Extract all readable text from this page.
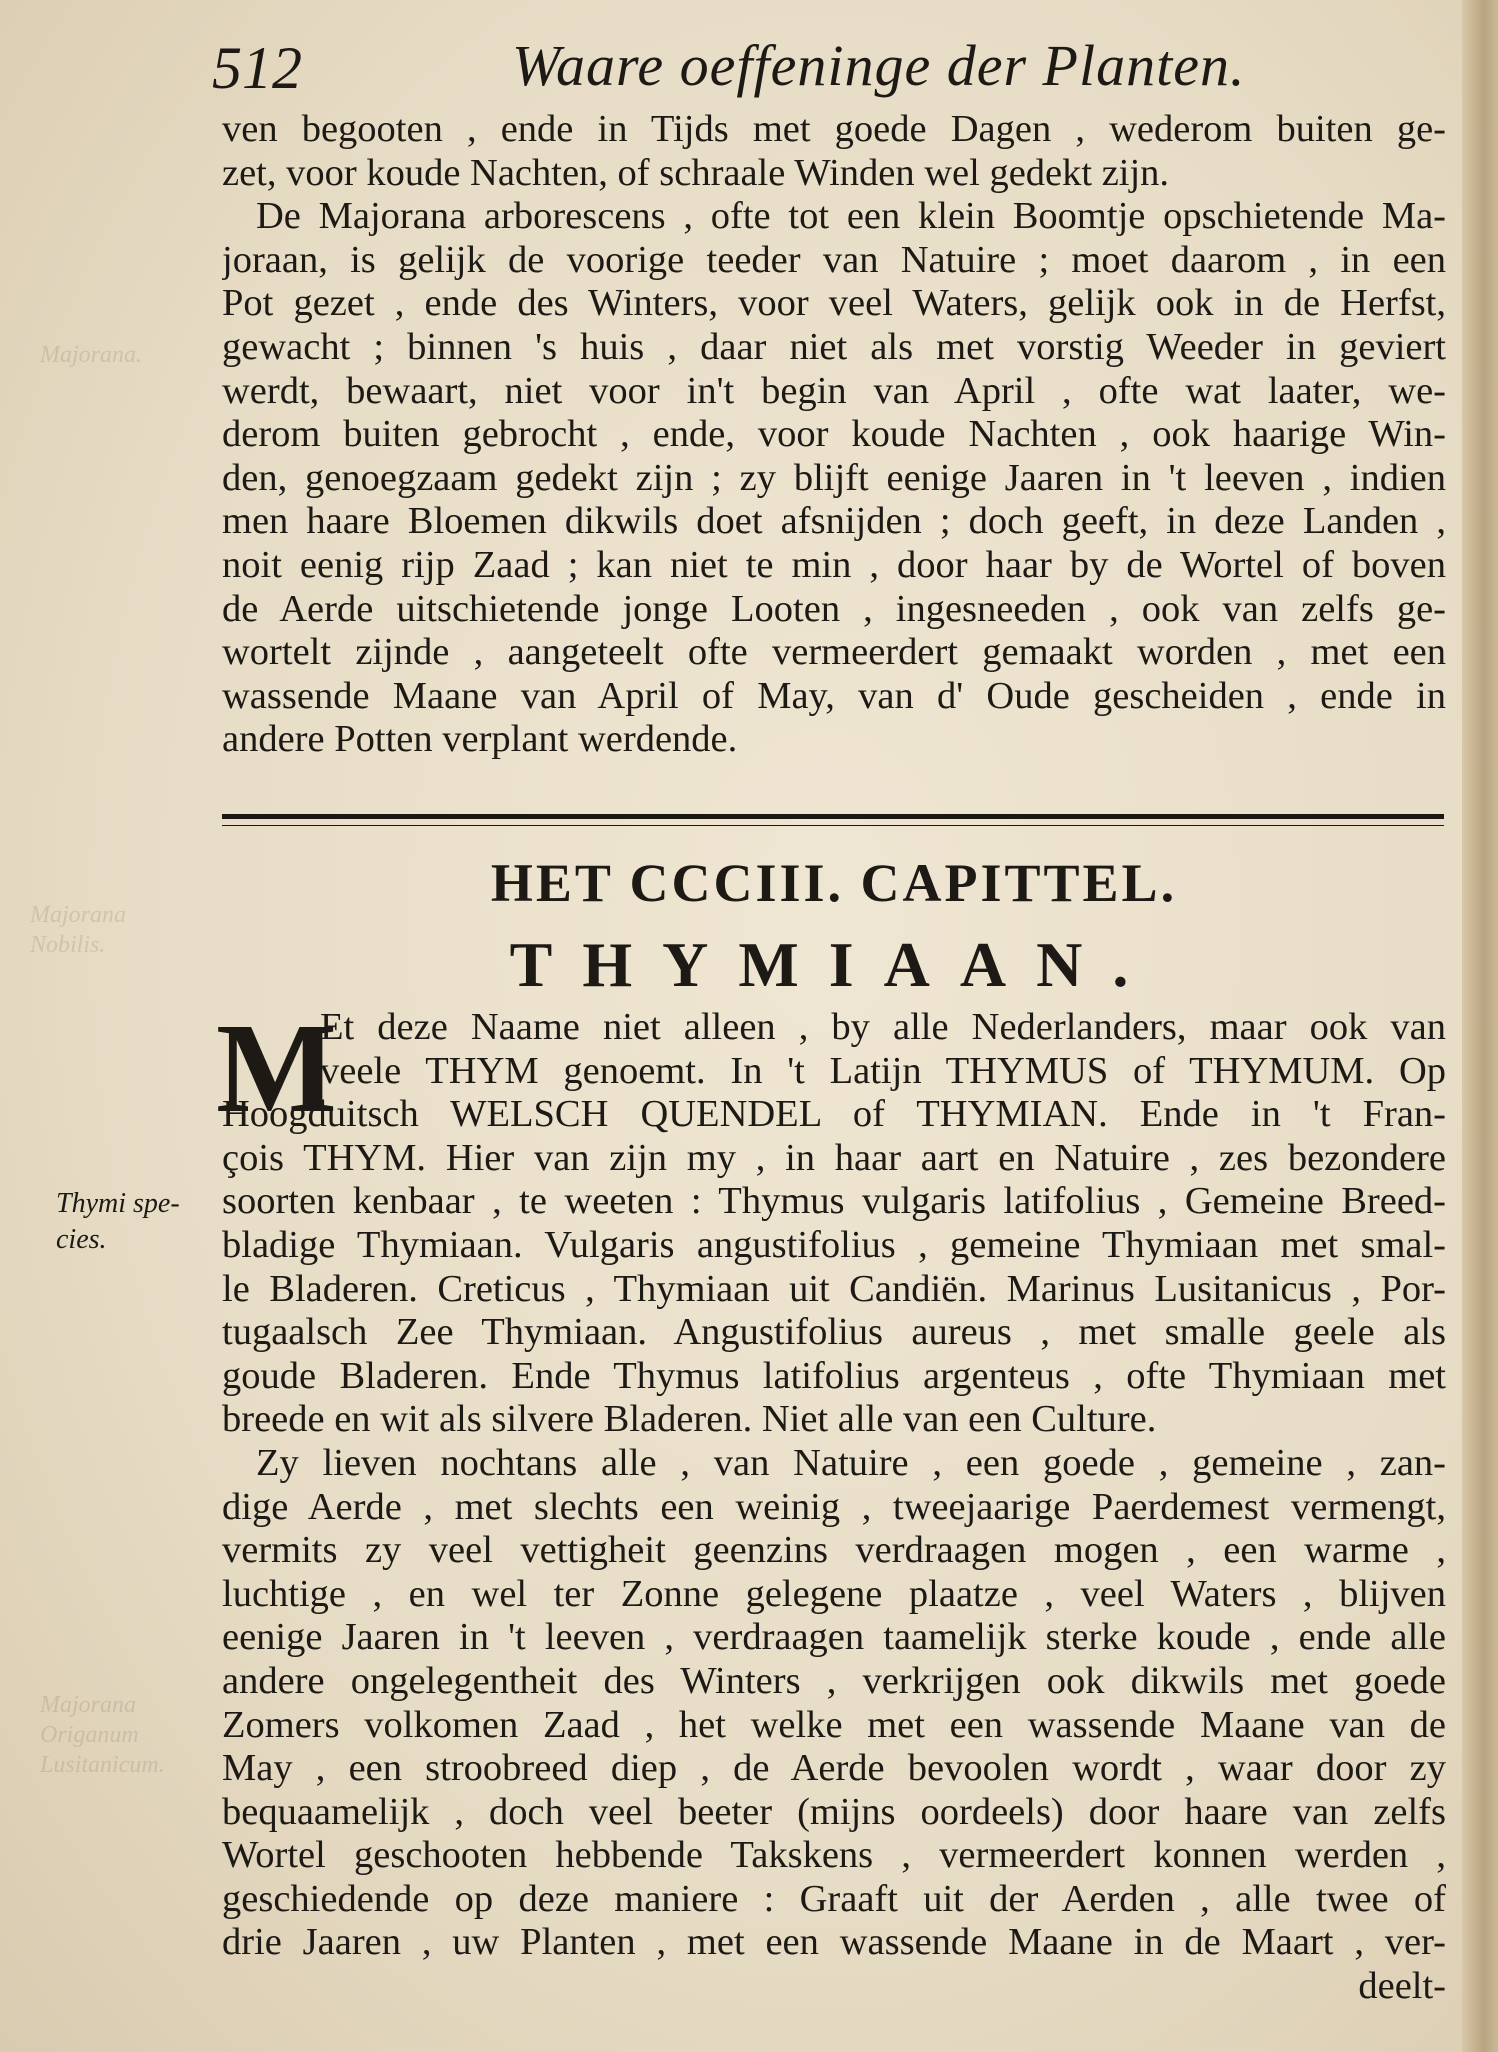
Majorana.
Majorana
Nobilis.
Majorana
Origanum
Lusitanicum.

512	Waare oeffeninge der Planten.
ven begooten , ende in Tijds met goede Dagen , wederom buiten ge-
zet, voor koude Nachten, of schraale Winden wel gedekt zijn.
De Majorana arborescens , ofte tot een klein Boomtje opschietende Ma-
joraan, is gelijk de voorige teeder van Natuire ; moet daarom , in een
Pot gezet , ende des Winters, voor veel Waters, gelijk ook in de Herfst,
gewacht ; binnen 's huis , daar niet als met vorstig Weeder in geviert
werdt, bewaart, niet voor in't begin van April , ofte wat laater, we-
derom buiten gebrocht , ende, voor koude Nachten , ook haarige Win-
den, genoegzaam gedekt zijn ; zy blijft eenige Jaaren in 't leeven , indien
men haare Bloemen dikwils doet afsnijden ; doch geeft, in deze Landen ,
noit eenig rijp Zaad ; kan niet te min , door haar by de Wortel of boven
de Aerde uitschietende jonge Looten , ingesneeden , ook van zelfs ge-
wortelt zijnde , aangeteelt ofte vermeerdert gemaakt worden , met een
wassende Maane van April of May, van d' Oude gescheiden , ende in
andere Potten verplant werdende.
HET CCCIII. CAPITTEL.
THYMIAAN.
M
Et deze Naame niet alleen , by alle Nederlanders, maar ook van
veele THYM genoemt. In 't Latijn THYMUS of THYMUM. Op
Hoogduitsch WELSCH QUENDEL of THYMIAN. Ende in 't Fran-
çois THYM. Hier van zijn my , in haar aart en Natuire , zes bezondere
soorten kenbaar , te weeten : Thymus vulgaris latifolius , Gemeine Breed-
bladige Thymiaan. Vulgaris angustifolius , gemeine Thymiaan met smal-
le Bladeren. Creticus , Thymiaan uit Candiën. Marinus Lusitanicus , Por-
tugaalsch Zee Thymiaan. Angustifolius aureus , met smalle geele als
goude Bladeren. Ende Thymus latifolius argenteus , ofte Thymiaan met
breede en wit als silvere Bladeren. Niet alle van een Culture.
Zy lieven nochtans alle , van Natuire , een goede , gemeine , zan-
dige Aerde , met slechts een weinig , tweejaarige Paerdemest vermengt,
vermits zy veel vettigheit geenzins verdraagen mogen , een warme ,
luchtige , en wel ter Zonne gelegene plaatze , veel Waters , blijven
eenige Jaaren in 't leeven , verdraagen taamelijk sterke koude , ende alle
andere ongelegentheit des Winters , verkrijgen ook dikwils met goede
Zomers volkomen Zaad , het welke met een wassende Maane van de
May , een stroobreed diep , de Aerde bevoolen wordt , waar door zy
bequaamelijk , doch veel beeter (mijns oordeels) door haare van zelfs
Wortel geschooten hebbende Takskens , vermeerdert konnen werden ,
geschiedende op deze maniere : Graaft uit der Aerden , alle twee of
drie Jaaren , uw Planten , met een wassende Maane in de Maart , ver-
deelt-
Thymi spe-
cies.
